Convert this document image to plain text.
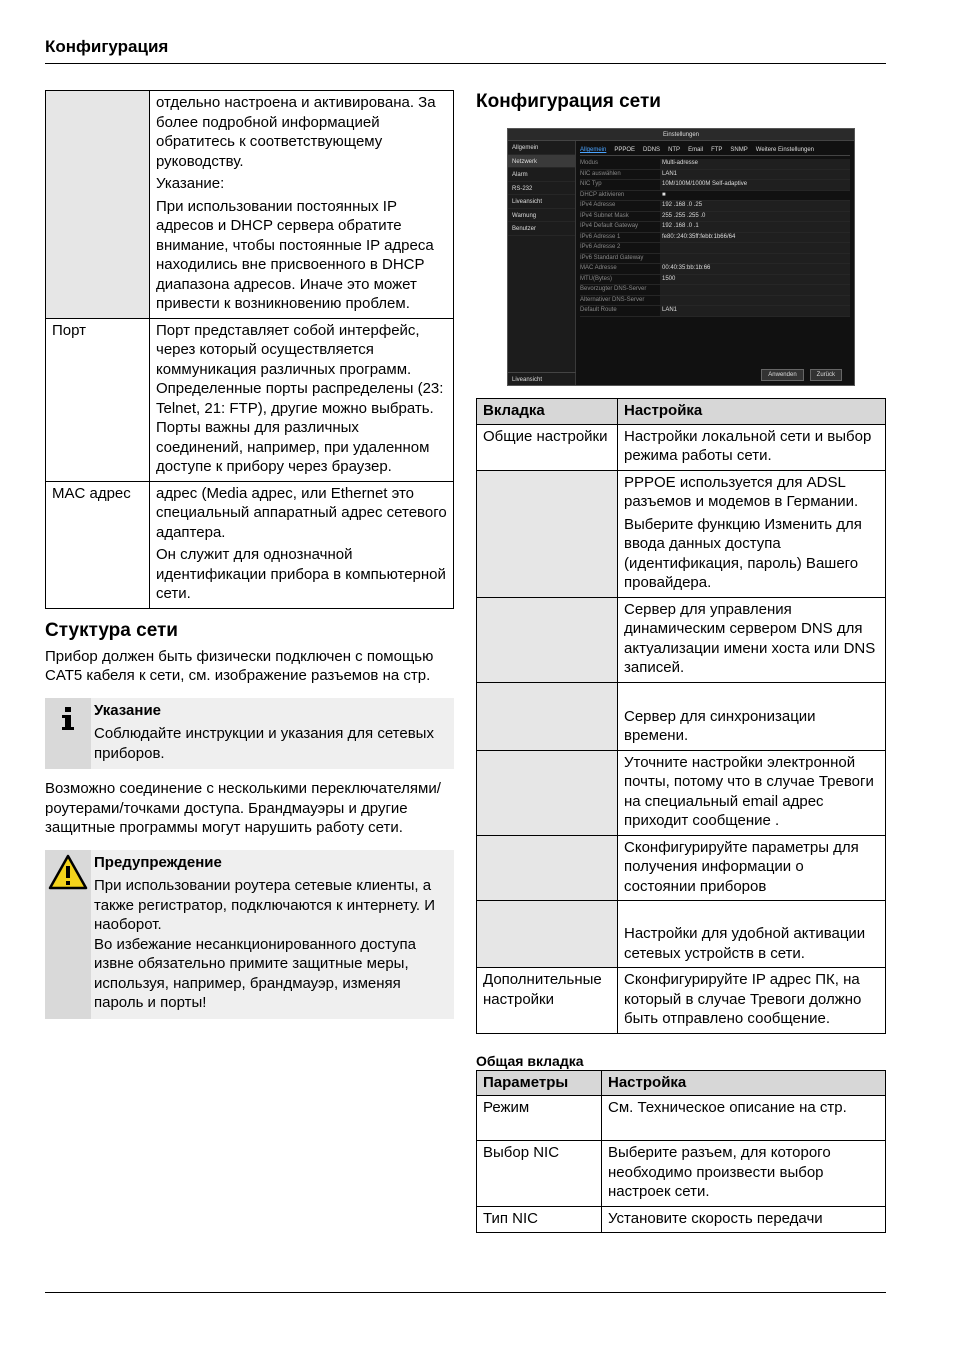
Конфигурация

	отдельно настроена и активирована. За более подробной информацией обратитесь к соответствующему руководству.

Указание:

При использовании постоянных IP адресов и DHCP сервера обратите внимание, чтобы постоянные IP адреса находились вне присвоенного в DHCP диапазона адресов. Иначе это может привести к возникновению проблем.

Порт	Порт представляет собой интерфейс, через который осуществляется коммуникация различных программ. Определенные порты распределены (23: Telnet, 21: FTP), другие можно выбрать. Порты важны для различных соединений, например, при удаленном доступе к прибору через браузер.

MAC адрес	адрес (Media адрес, или Ethernet это специальный аппаратный адрес сетевого адаптера.

Он служит для однозначной идентификации прибора в компьютерной сети.

Стуктура сети
Прибор должен быть физически подключен с помощью CAT5 кабеля к сети, см. изображение разъемов на стр.
Указание
Соблюдайте инструкции и указания для сетевых приборов.
Возможно соединение с несколькими переключателями/роутерами/точками доступа. Брандмауэры и другие защитные программы могут нарушить работу сети.
Предупреждение
При использовании роутера сетевые клиенты, а также регистратор, подключаются к интернету. И наоборот.
Во избежание несанкционированного доступа извне обязательно примите защитные меры, используя, например, брандмауэр, изменяя пароль и порты!
Конфигурация сети
Einstellungen
Allgemein
Netzwerk
Alarm
RS-232
Liveansicht
Warnung
Benutzer
Liveansicht
Allgemein PPPOE DDNS NTP Email FTP SNMP Weitere Einstellungen
Modus	Multi-adresse
NIC auswählen	LAN1
NIC Typ	10M/100M/1000M Self-adaptive
DHCP aktivieren	■
IPv4 Adresse	192 .168 .0 .25
IPv4 Subnet Mask	255 .255 .255 .0
IPv4 Default Gateway	192 .168 .0 .1
IPv6 Adresse 1	fe80::240:35ff:febb:1b66/64
IPv6 Adresse 2
IPv6 Standard Gateway
MAC Adresse	00:40:35:bb:1b:66
MTU(Bytes)	1500
Bevorzugter DNS-Server
Alternativer DNS-Server
Default Route	LAN1
Anwenden	Zurück
Вкладка	Настройка
Общие настройки	Настройки локальной сети и выбор режима работы сети.

	PPPOE используется для ADSL разъемов и модемов в Германии.

Выберите функцию Изменить для ввода данных доступа (идентификация, пароль) Вашего провайдера.

	Сервер для управления динамическим сервером DNS для актуализации имени хоста или DNS записей.

	Сервер для синхронизации времени.

	Уточните настройки электронной почты, потому что в случае Тревоги на специальный email адрес приходит сообщение .

	Сконфигурируйте параметры для получения информации о состоянии приборов

	Настройки для удобной активации сетевых устройств в сети.

Дополнительные настройки	Сконфигурируйте IP адрес ПК, на который в случае Тревоги должно быть отправлено сообщение.

Общая вкладка
Параметры	Настройка
Режим	См. Техническое описание на стр.
Выбор NIC	Выберите разъем, для которого необходимо произвести выбор настроек сети.
Тип NIC	Установите скорость передачи
